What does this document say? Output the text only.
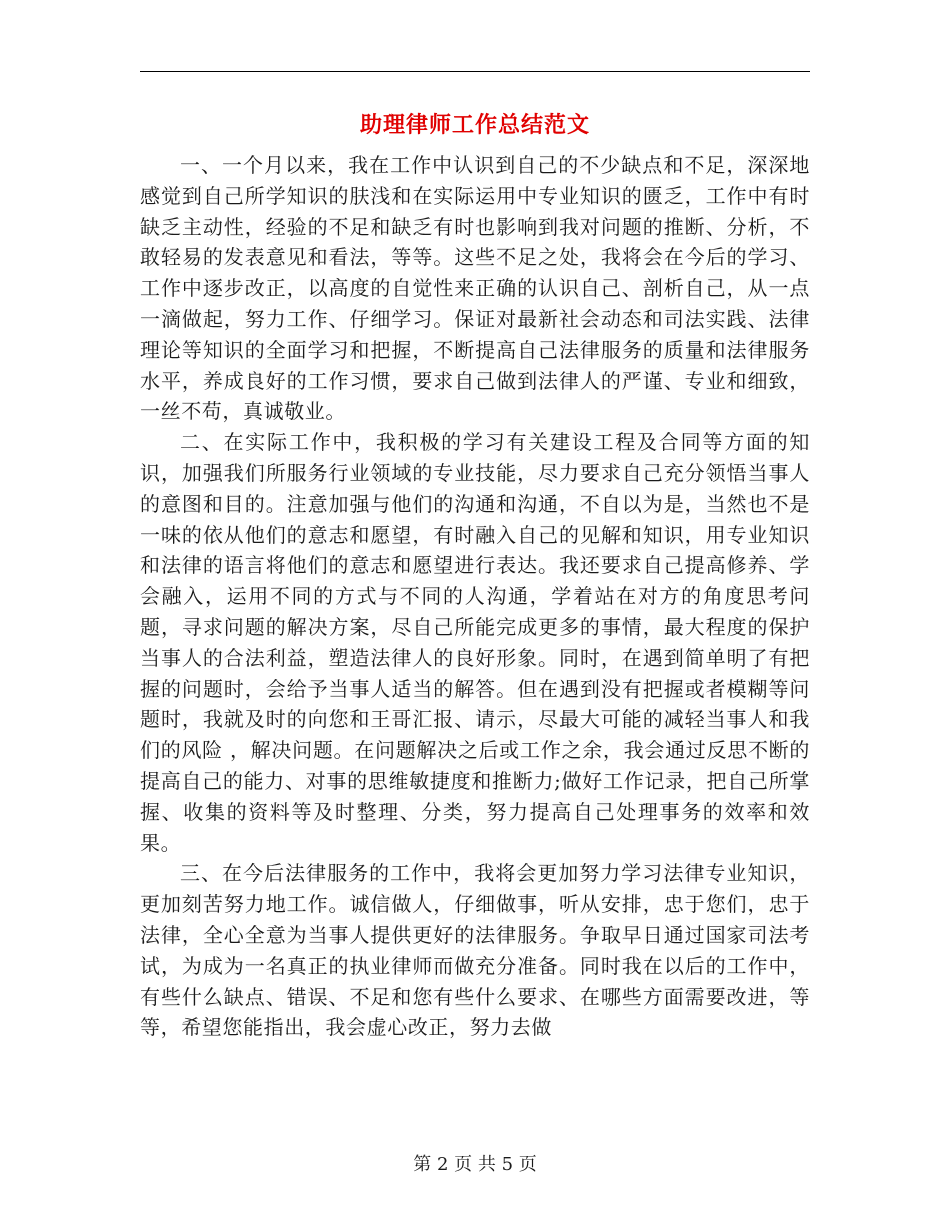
助理律师工作总结范文

一、一个月以来，我在工作中认识到自己的不少缺点和不足，深深地感觉到自己所学知识的肤浅和在实际运用中专业知识的匮乏，工作中有时缺乏主动性，经验的不足和缺乏有时也影响到我对问题的推断、分析，不敢轻易的发表意见和看法，等等。这些不足之处，我将会在今后的学习、工作中逐步改正，以高度的自觉性来正确的认识自己、剖析自己，从一点一滴做起，努力工作、仔细学习。保证对最新社会动态和司法实践、法律理论等知识的全面学习和把握，不断提高自己法律服务的质量和法律服务水平，养成良好的工作习惯，要求自己做到法律人的严谨、专业和细致，一丝不苟，真诚敬业。

二、在实际工作中，我积极的学习有关建设工程及合同等方面的知识，加强我们所服务行业领域的专业技能，尽力要求自己充分领悟当事人的意图和目的。注意加强与他们的沟通和沟通，不自以为是，当然也不是一味的依从他们的意志和愿望，有时融入自己的见解和知识，用专业知识和法律的语言将他们的意志和愿望进行表达。我还要求自己提高修养、学会融入，运用不同的方式与不同的人沟通，学着站在对方的角度思考问题，寻求问题的解决方案，尽自己所能完成更多的事情，最大程度的保护当事人的合法利益，塑造法律人的良好形象。同时，在遇到简单明了有把握的问题时，会给予当事人适当的解答。但在遇到没有把握或者模糊等问题时，我就及时的向您和王哥汇报、请示，尽最大可能的减轻当事人和我们的风险 ，解决问题。在问题解决之后或工作之余，我会通过反思不断的提高自己的能力、对事的思维敏捷度和推断力;做好工作记录，把自己所掌握、收集的资料等及时整理、分类，努力提高自己处理事务的效率和效果。

三、在今后法律服务的工作中，我将会更加努力学习法律专业知识，更加刻苦努力地工作。诚信做人，仔细做事，听从安排，忠于您们，忠于法律，全心全意为当事人提供更好的法律服务。争取早日通过国家司法考试，为成为一名真正的执业律师而做充分准备。同时我在以后的工作中，有些什么缺点、错误、不足和您有些什么要求、在哪些方面需要改进，等等，希望您能指出，我会虚心改正，努力去做

第 2 页 共 5 页
